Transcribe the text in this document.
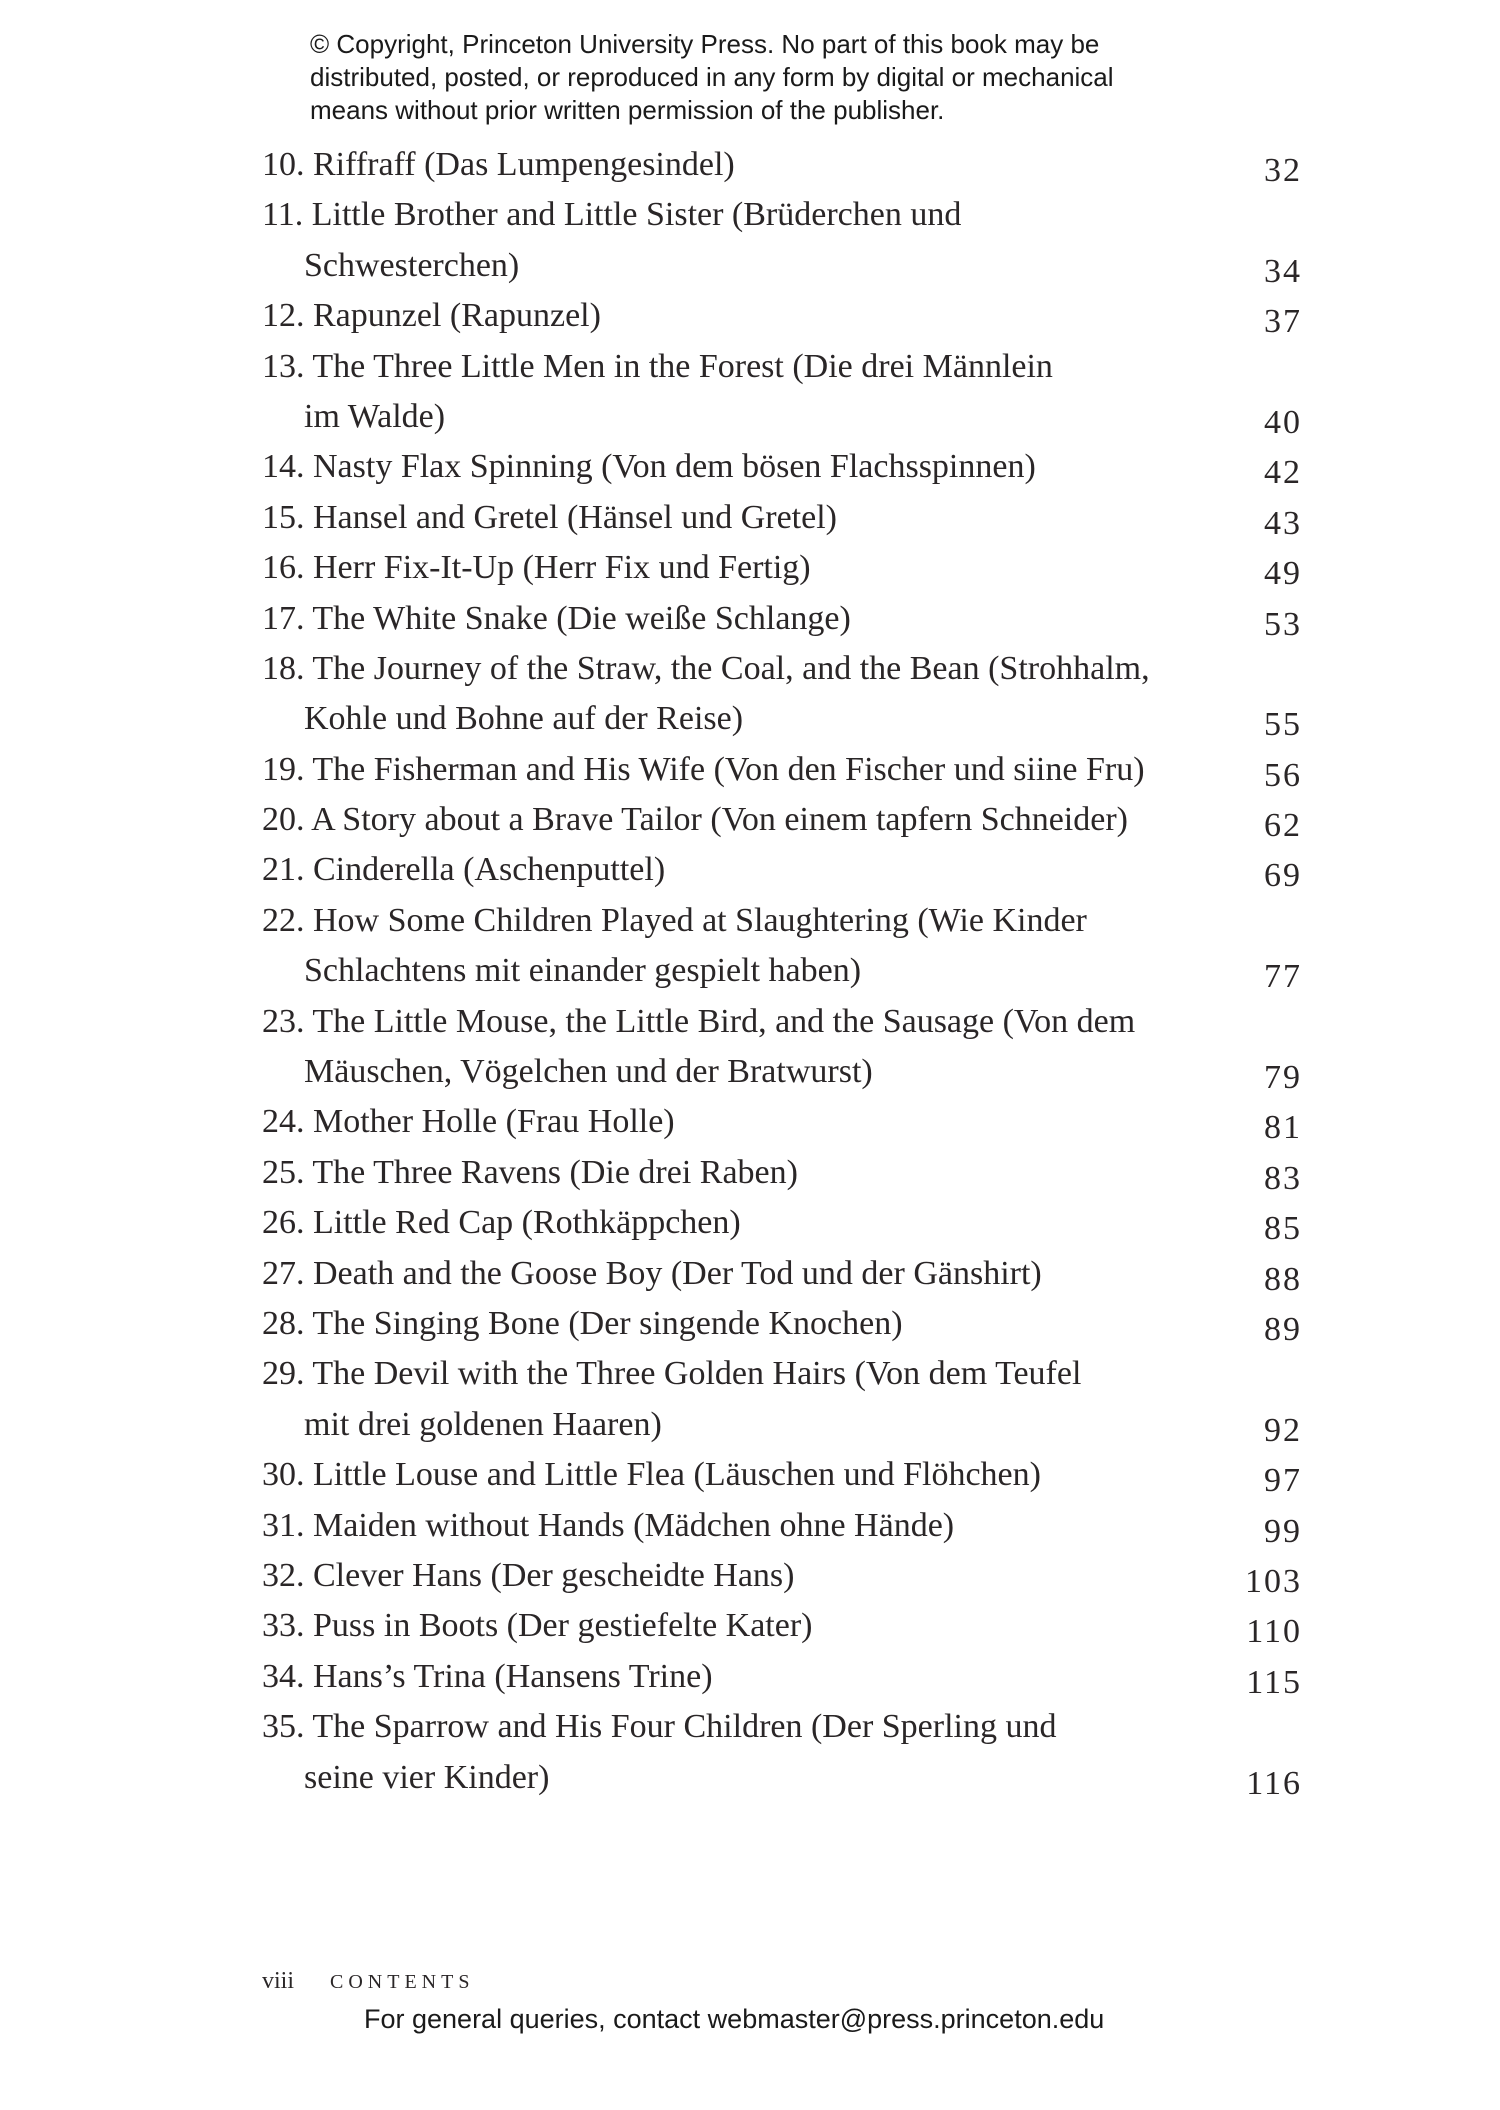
© Copyright, Princeton University Press. No part of this book may be
distributed, posted, or reproduced in any form by digital or mechanical
means without prior written permission of the publisher.
10. Riffraff (Das Lumpengesindel)	32
11. Little Brother and Little Sister (Brüderchen und
Schwesterchen)	34
12. Rapunzel (Rapunzel)	37
13. The Three Little Men in the Forest (Die drei Männlein
im Walde)	40
14. Nasty Flax Spinning (Von dem bösen Flachsspinnen)	42
15. Hansel and Gretel (Hänsel und Gretel)	43
16. Herr Fix-It-Up (Herr Fix und Fertig)	49
17. The White Snake (Die weiße Schlange)	53
18. The Journey of the Straw, the Coal, and the Bean (Strohhalm,
Kohle und Bohne auf der Reise)	55
19. The Fisherman and His Wife (Von den Fischer und siine Fru)	56
20. A Story about a Brave Tailor (Von einem tapfern Schneider)	62
21. Cinderella (Aschenputtel)	69
22. How Some Children Played at Slaughtering (Wie Kinder
Schlachtens mit einander gespielt haben)	77
23. The Little Mouse, the Little Bird, and the Sausage (Von dem
Mäuschen, Vögelchen und der Bratwurst)	79
24. Mother Holle (Frau Holle)	81
25. The Three Ravens (Die drei Raben)	83
26. Little Red Cap (Rothkäppchen)	85
27. Death and the Goose Boy (Der Tod und der Gänshirt)	88
28. The Singing Bone (Der singende Knochen)	89
29. The Devil with the Three Golden Hairs (Von dem Teufel
mit drei goldenen Haaren)	92
30. Little Louse and Little Flea (Läuschen und Flöhchen)	97
31. Maiden without Hands (Mädchen ohne Hände)	99
32. Clever Hans (Der gescheidte Hans)	103
33. Puss in Boots (Der gestiefelte Kater)	110
34. Hans’s Trina (Hansens Trine)	115
35. The Sparrow and His Four Children (Der Sperling und
seine vier Kinder)	116
viii CONTENTS
For general queries, contact webmaster@press.princeton.edu
